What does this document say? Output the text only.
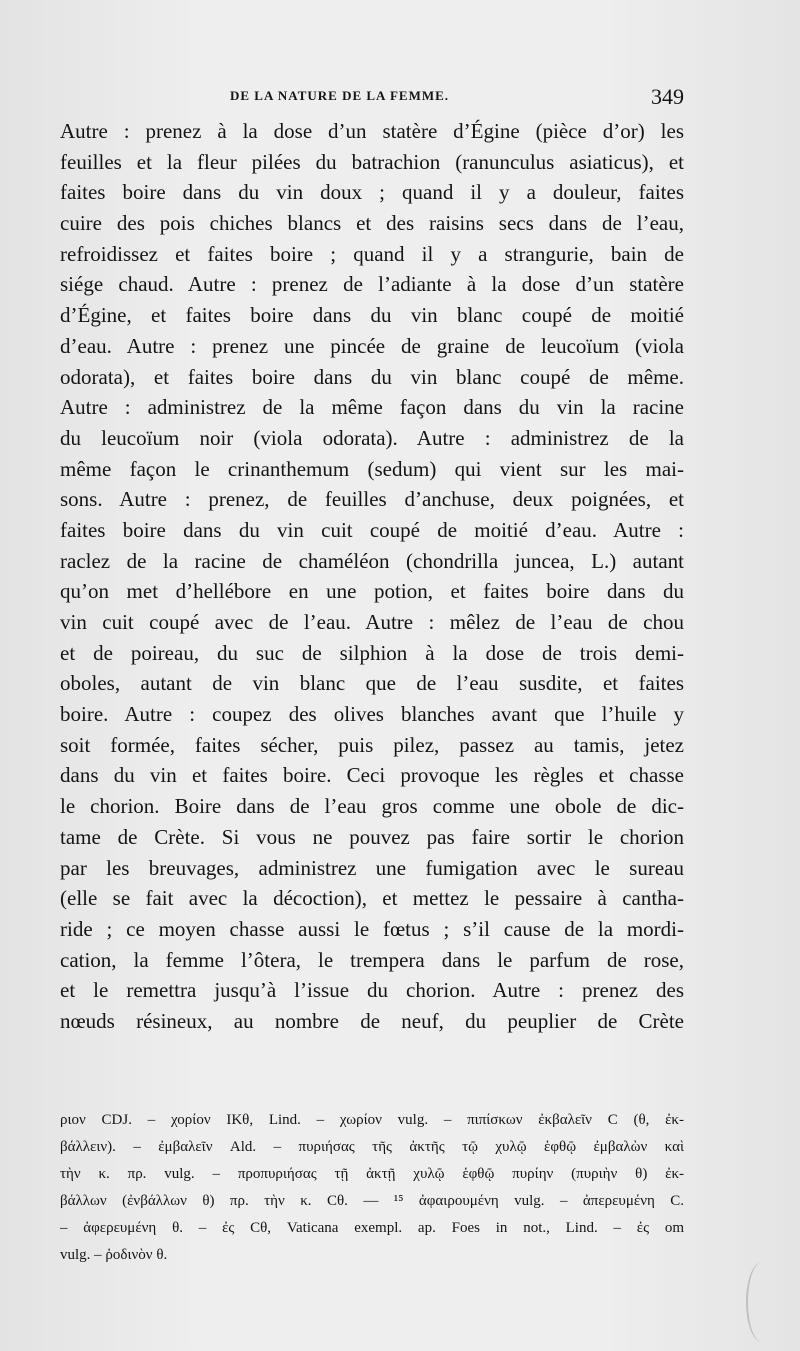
DE LA NATURE DE LA FEMME.	349
Autre : prenez à la dose d’un statère d’Égine (pièce d’or) les
feuilles et la fleur pilées du batrachion (ranunculus asiaticus), et
faites boire dans du vin doux ; quand il y a douleur, faites
cuire des pois chiches blancs et des raisins secs dans de l’eau,
refroidissez et faites boire ; quand il y a strangurie, bain de
siége chaud. Autre : prenez de l’adiante à la dose d’un statère
d’Égine, et faites boire dans du vin blanc coupé de moitié
d’eau. Autre : prenez une pincée de graine de leucoïum (viola
odorata), et faites boire dans du vin blanc coupé de même.
Autre : administrez de la même façon dans du vin la racine
du leucoïum noir (viola odorata). Autre : administrez de la
même façon le crinanthemum (sedum) qui vient sur les mai-
sons. Autre : prenez, de feuilles d’anchuse, deux poignées, et
faites boire dans du vin cuit coupé de moitié d’eau. Autre :
raclez de la racine de chaméléon (chondrilla juncea, L.) autant
qu’on met d’hellébore en une potion, et faites boire dans du
vin cuit coupé avec de l’eau. Autre : mêlez de l’eau de chou
et de poireau, du suc de silphion à la dose de trois demi-
oboles, autant de vin blanc que de l’eau susdite, et faites
boire. Autre : coupez des olives blanches avant que l’huile y
soit formée, faites sécher, puis pilez, passez au tamis, jetez
dans du vin et faites boire. Ceci provoque les règles et chasse
le chorion. Boire dans de l’eau gros comme une obole de dic-
tame de Crète. Si vous ne pouvez pas faire sortir le chorion
par les breuvages, administrez une fumigation avec le sureau
(elle se fait avec la décoction), et mettez le pessaire à cantha-
ride ; ce moyen chasse aussi le fœtus ; s’il cause de la mordi-
cation, la femme l’ôtera, le trempera dans le parfum de rose,
et le remettra jusqu’à l’issue du chorion. Autre : prenez des
nœuds résineux, au nombre de neuf, du peuplier de Crète
ριον CDJ. – χορίον IKθ, Lind. – χωρίον vulg. – πιπίσκων ἐκβαλεῖν C (θ, ἐκ-
βάλλειν). – ἐμβαλεῖν Ald. – πυριήσας τῆς ἀκτῆς τῷ χυλῷ ἑφθῷ ἐμβαλὼν καὶ
τὴν κ. πρ. vulg. – προπυριήσας τῇ ἀκτῇ χυλῷ ἑφθῷ πυρίην (πυριὴν θ) ἐκ-
βάλλων (ἐνβάλλων θ) πρ. τὴν κ. Cθ. — ¹⁵ ἀφαιρουμένη vulg. – ἀπερευμένη C.
– ἀφερευμένη θ. – ἐς Cθ, Vaticana exempl. ap. Foes in not., Lind. – ἐς om
vulg. – ῥοδινὸν θ.
